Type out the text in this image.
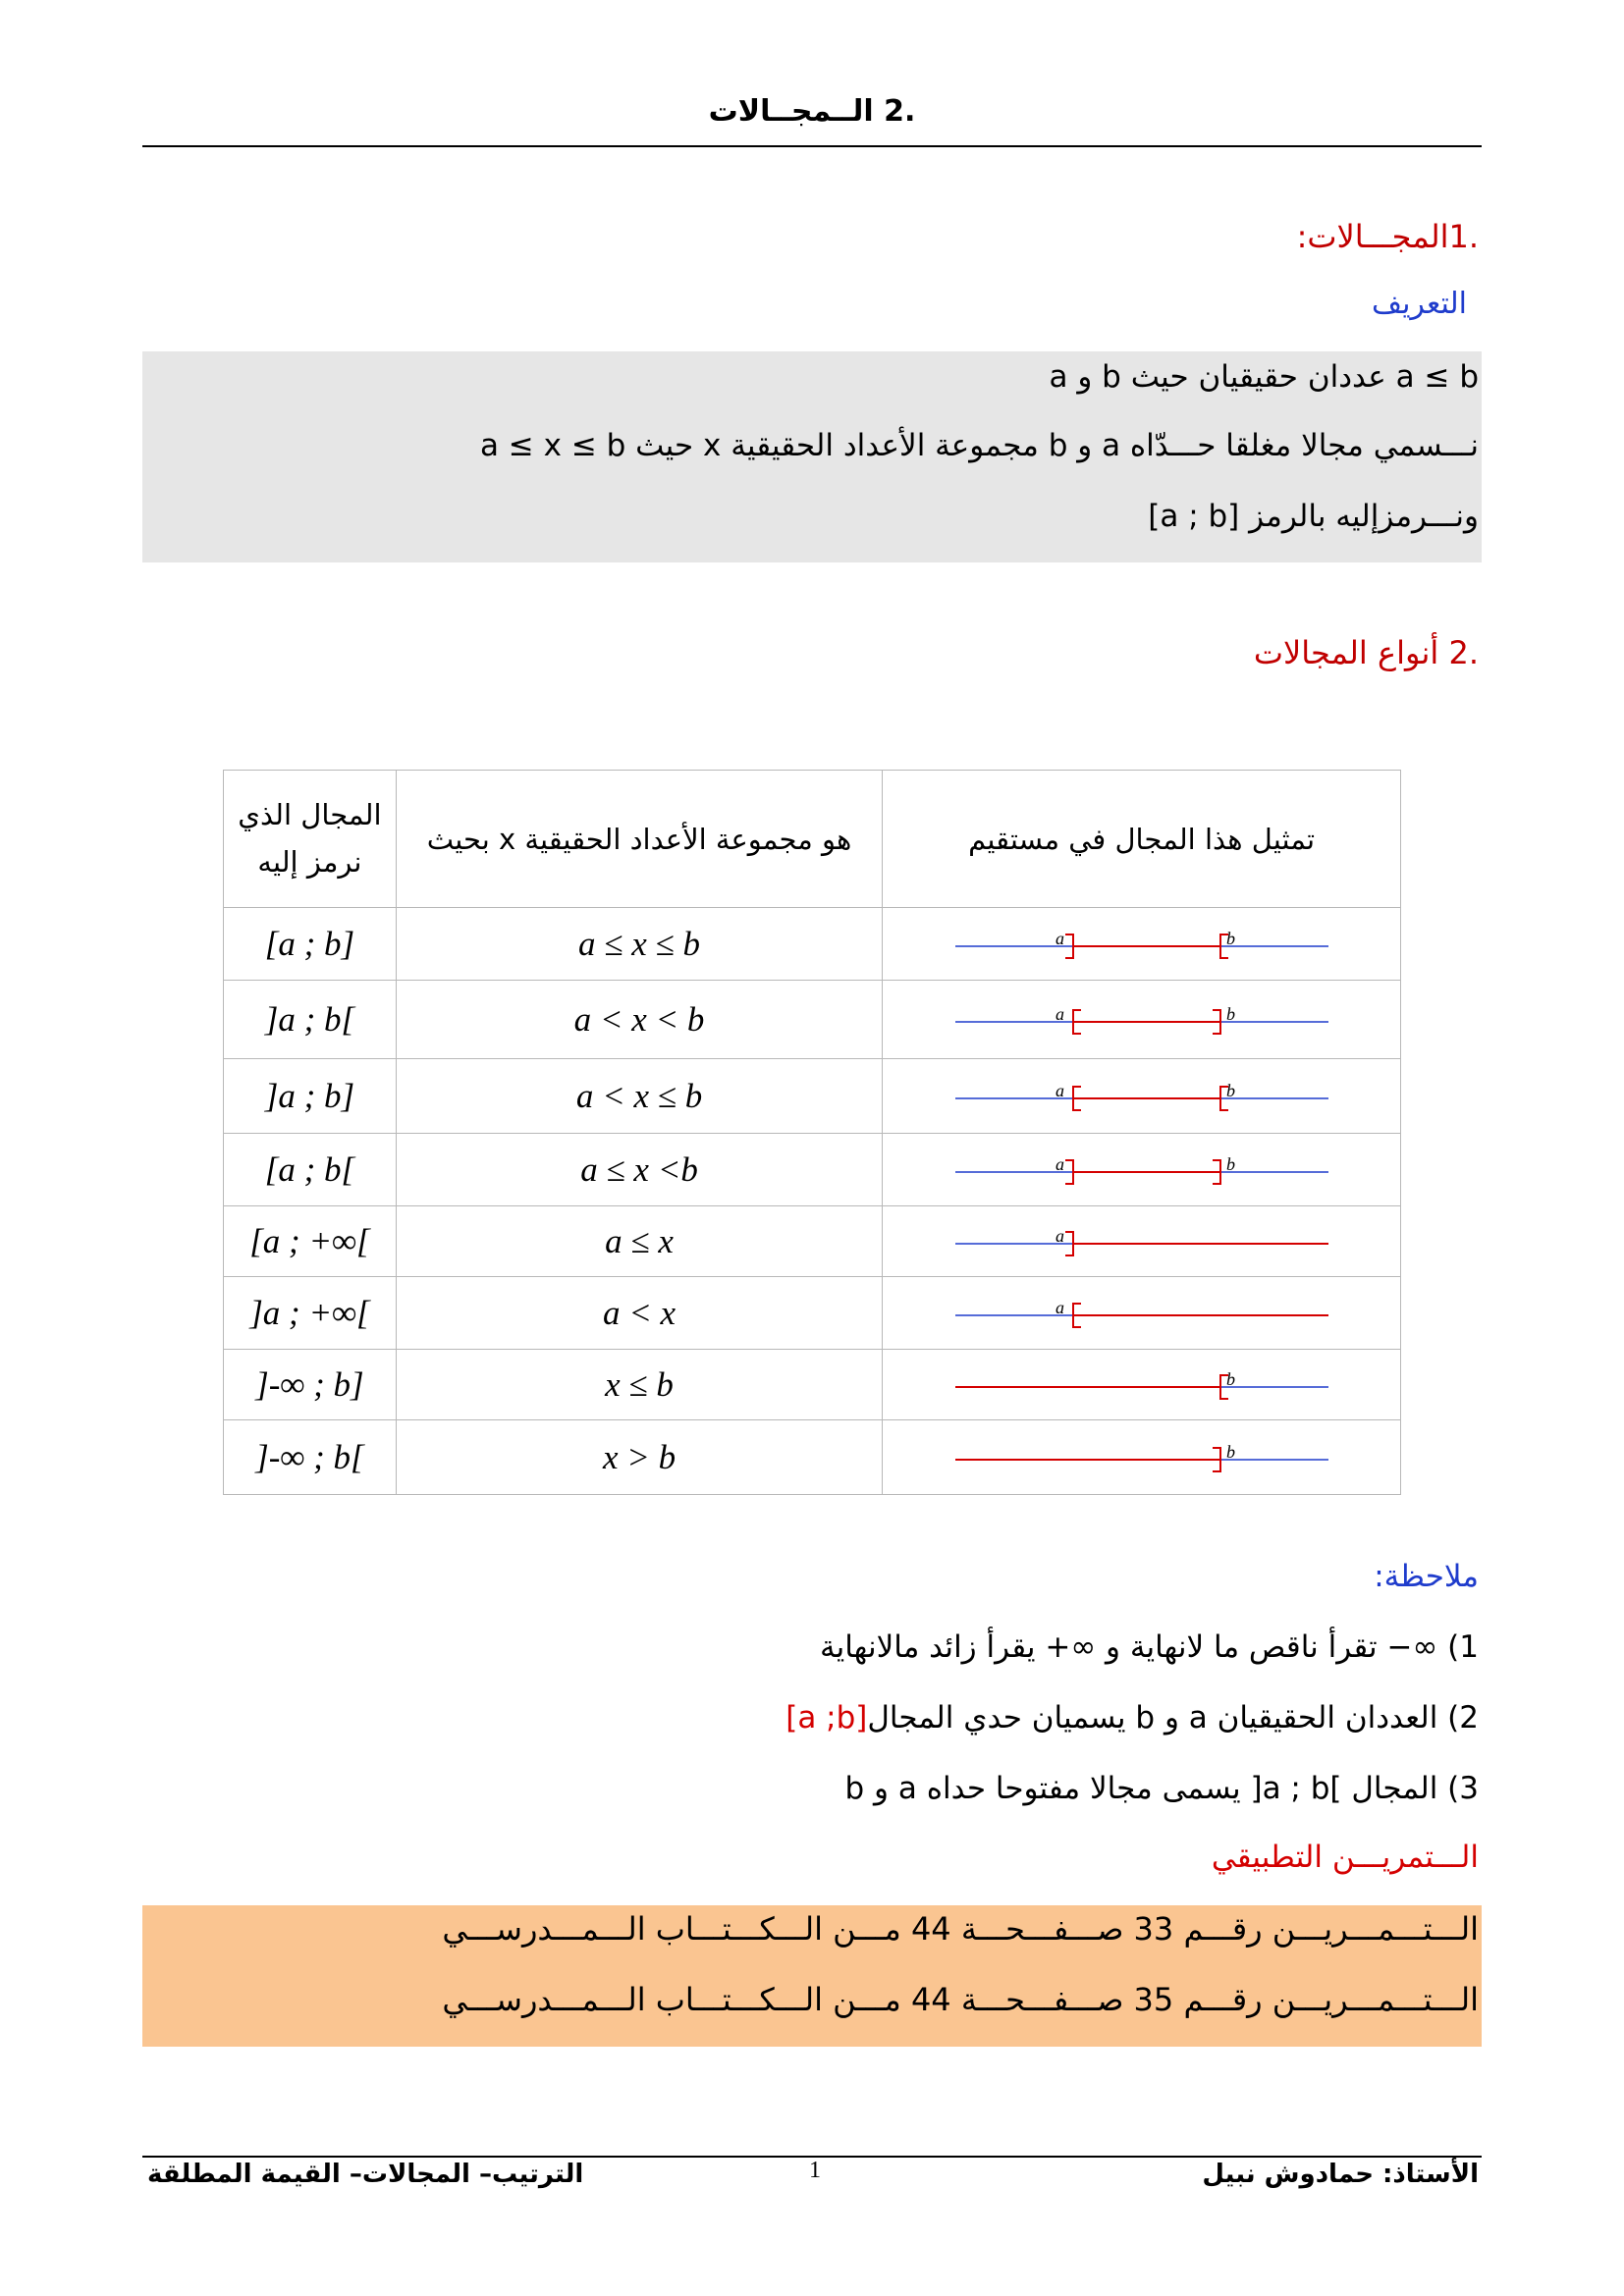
.2 الــمجــالات
.1المجـــالات:
التعريف
a و b عددان حقيقيان حيث a ≤ b
نـــسمي مجالا مغلقا حـــدّاه a و b مجموعة الأعداد الحقيقية x حيث a ≤ x ≤ b
ونـــرمزإليه بالرمز [a ; b]
.2 أنواع المجالات
المجال الذي نرمز إليه	هو مجموعة الأعداد الحقيقية x بحيث	تمثيل هذا المجال في مستقيم
[a ; b]	a ≤ x ≤ b	a b

]a ; b[	a < x < b	a b

]a ; b]	a < x ≤ b	a b

[a ; b[	a ≤ x <b	a b

[a ; +∞[	a ≤ x	a

]a ; +∞[	a < x	a

]-∞ ; b]	x ≤ b	b

]-∞ ; b[	x > b	b
ملاحظة:
1) ∞− تقرأ ناقص ما لانهاية و ∞+ يقرأ زائد مالانهاية
2) العددان الحقيقيان a و b يسميان حدي المجال[a ;b]
3) المجال ]a ; b[ يسمى مجالا مفتوحا حداه a و b
الـــتمريـــن التطبيقي
الـــتـــمـــريـــن رقـــم 33 صـــفـــحـــة 44 مـــن الـــكـــتـــاب الـــمـــدرســـي
الـــتـــمـــريـــن رقـــم 35 صـــفـــحـــة 44 مـــن الـــكـــتـــاب الـــمـــدرســـي
الترتيب– المجالات– القيمة المطلقة	1	الأستاذ: حمادوش نبيل
